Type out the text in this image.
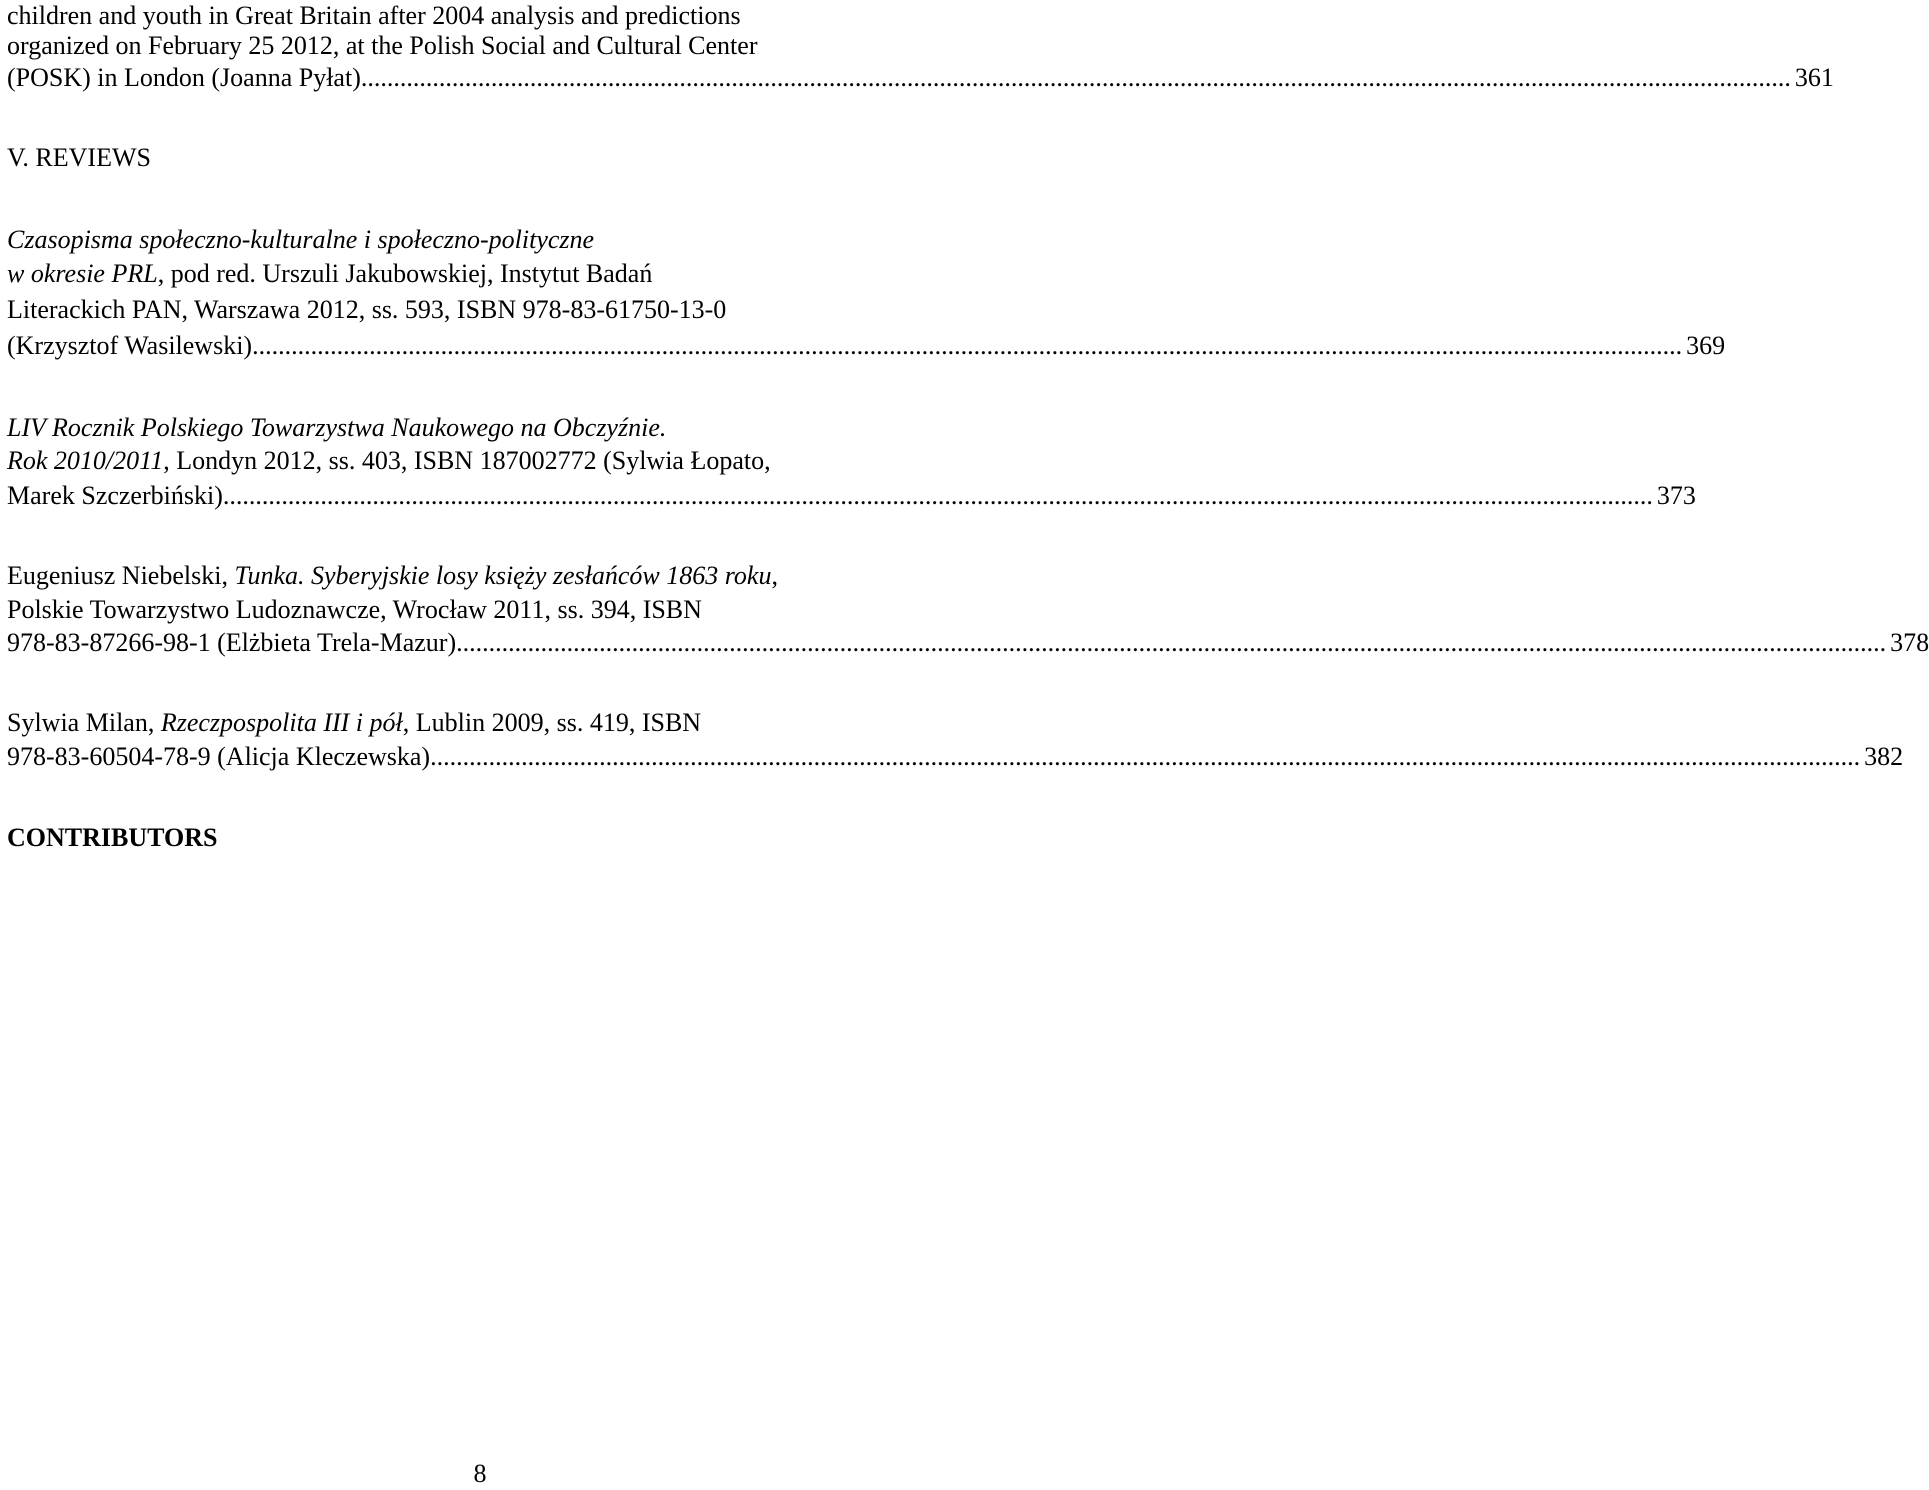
children and youth in Great Britain after 2004 analysis and predictions
organized on February 25 2012, at the Polish Social and Cultural Center
(POSK) in London (Joanna Pyłat) ............................................................................................................................................................................................................................ 361
V. REVIEWS
Czasopisma społeczno-kulturalne i społeczno-polityczne
w okresie PRL, pod red. Urszuli Jakubowskiej, Instytut Badań
Literackich PAN, Warszawa 2012, ss. 593, ISBN 978-83-61750-13-0
(Krzysztof Wasilewski) ............................................................................................................................................................................................................................ 369
LIV Rocznik Polskiego Towarzystwa Naukowego na Obczyźnie.
Rok 2010/2011, Londyn 2012, ss. 403, ISBN 187002772 (Sylwia Łopato,
Marek Szczerbiński) ............................................................................................................................................................................................................................ 373
Eugeniusz Niebelski, Tunka. Syberyjskie losy księży zesłańców 1863 roku,
Polskie Towarzystwo Ludoznawcze, Wrocław 2011, ss. 394, ISBN
978-83-87266-98-1 (Elżbieta Trela-Mazur) ............................................................................................................................................................................................................................ 378
Sylwia Milan, Rzeczpospolita III i pół, Lublin 2009, ss. 419, ISBN
978-83-60504-78-9 (Alicja Kleczewska) ............................................................................................................................................................................................................................ 382
CONTRIBUTORS
8
